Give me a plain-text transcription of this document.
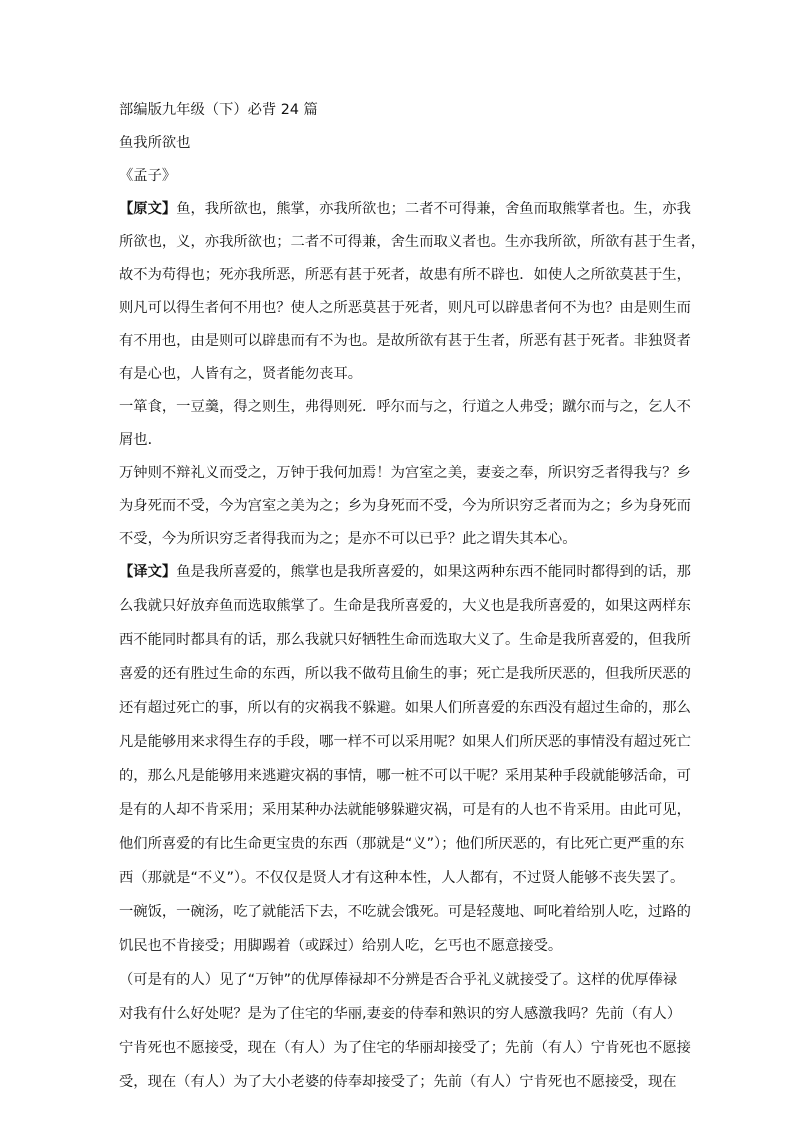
部编版九年级（下）必背 24 篇

鱼我所欲也

《孟子》

【原文】鱼，我所欲也，熊掌，亦我所欲也；二者不可得兼，舍鱼而取熊掌者也。生，亦我

所欲也，义，亦我所欲也；二者不可得兼，舍生而取义者也。生亦我所欲，所欲有甚于生者，

故不为苟得也；死亦我所恶，所恶有甚于死者，故患有所不辟也．如使人之所欲莫甚于生，

则凡可以得生者何不用也？使人之所恶莫甚于死者，则凡可以辟患者何不为也？由是则生而

有不用也，由是则可以辟患而有不为也。是故所欲有甚于生者，所恶有甚于死者。非独贤者

有是心也，人皆有之，贤者能勿丧耳。

一箪食，一豆羹，得之则生，弗得则死．呼尔而与之，行道之人弗受；蹴尔而与之，乞人不

屑也．

万钟则不辩礼义而受之，万钟于我何加焉！为宫室之美，妻妾之奉，所识穷乏者得我与？乡

为身死而不受，今为宫室之美为之；乡为身死而不受，今为所识穷乏者而为之；乡为身死而

不受，今为所识穷乏者得我而为之；是亦不可以已乎？此之谓失其本心。

【译文】鱼是我所喜爱的，熊掌也是我所喜爱的，如果这两种东西不能同时都得到的话，那

么我就只好放弃鱼而选取熊掌了。生命是我所喜爱的，大义也是我所喜爱的，如果这两样东

西不能同时都具有的话，那么我就只好牺牲生命而选取大义了。生命是我所喜爱的，但我所

喜爱的还有胜过生命的东西，所以我不做苟且偷生的事；死亡是我所厌恶的，但我所厌恶的

还有超过死亡的事，所以有的灾祸我不躲避。如果人们所喜爱的东西没有超过生命的，那么

凡是能够用来求得生存的手段，哪一样不可以采用呢？如果人们所厌恶的事情没有超过死亡

的，那么凡是能够用来逃避灾祸的事情，哪一桩不可以干呢？采用某种手段就能够活命，可

是有的人却不肯采用；采用某种办法就能够躲避灾祸，可是有的人也不肯采用。由此可见，

他们所喜爱的有比生命更宝贵的东西（那就是“义”）；他们所厌恶的，有比死亡更严重的东

西（那就是“不义”）。不仅仅是贤人才有这种本性，人人都有，不过贤人能够不丧失罢了。

一碗饭，一碗汤，吃了就能活下去，不吃就会饿死。可是轻蔑地、呵叱着给别人吃，过路的

饥民也不肯接受；用脚踢着（或踩过）给别人吃，乞丐也不愿意接受。

（可是有的人）见了“万钟”的优厚俸禄却不分辨是否合乎礼义就接受了。这样的优厚俸禄

对我有什么好处呢？是为了住宅的华丽,妻妾的侍奉和熟识的穷人感激我吗？先前（有人）

宁肯死也不愿接受，现在（有人）为了住宅的华丽却接受了；先前（有人）宁肯死也不愿接

受，现在（有人）为了大小老婆的侍奉却接受了；先前（有人）宁肯死也不愿接受，现在
